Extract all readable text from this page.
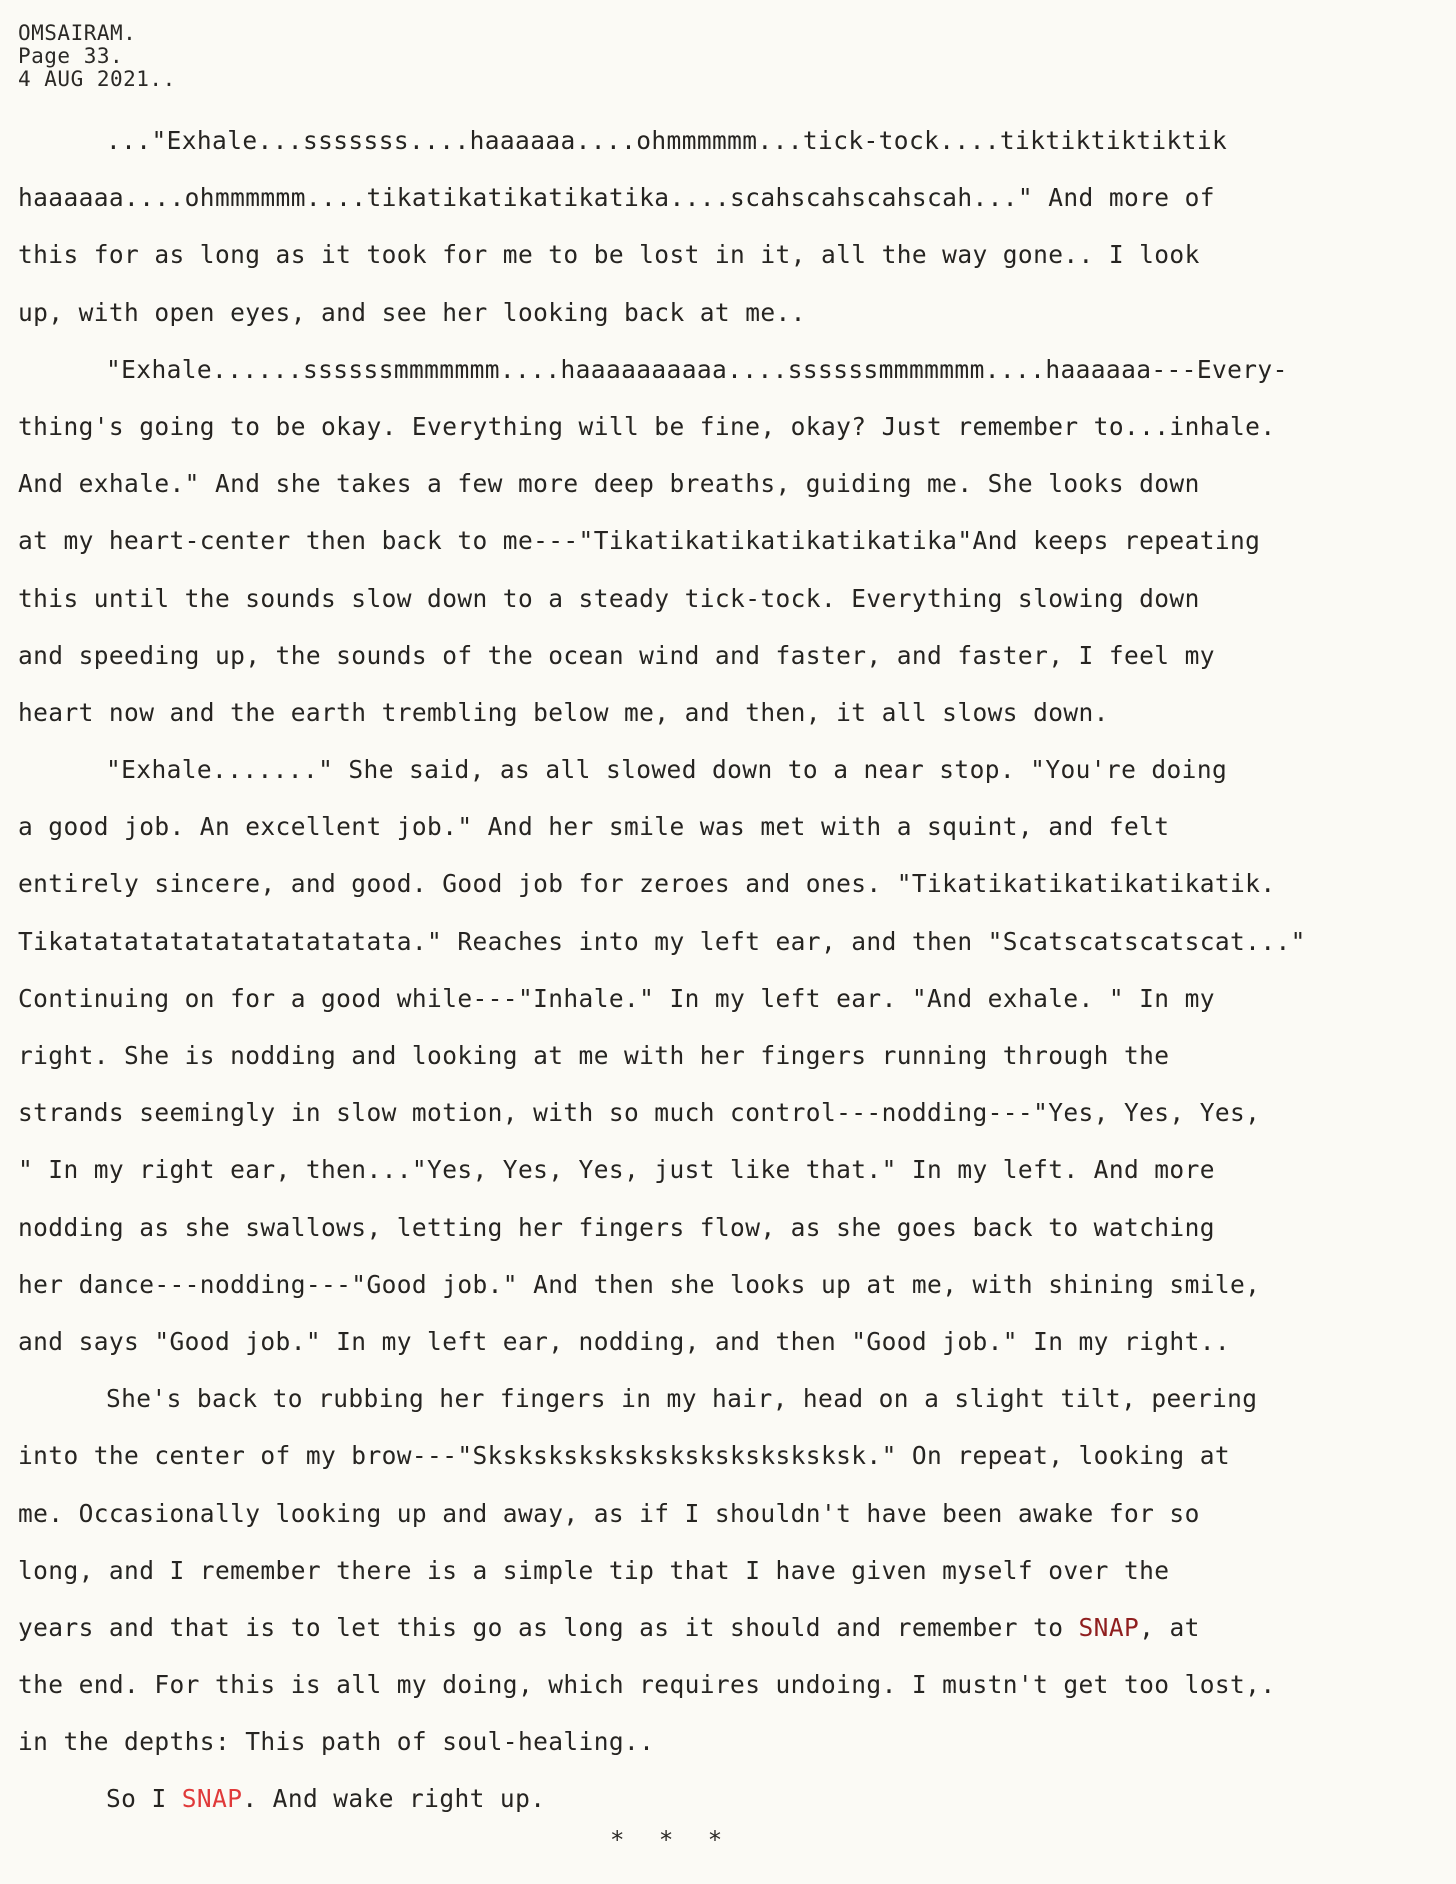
OMSAIRAM.
Page 33.
4 AUG 2021..
..."Exhale...sssssss....haaaaaa....ohmmmmmm...tick-tock....tiktiktiktiktik
haaaaaa....ohmmmmmm....tikatikatikatikatika....scahscahscahscah..." And more of
this for as long as it took for me to be lost in it, all the way gone.. I look
up, with open eyes, and see her looking back at me..
"Exhale......ssssssmmmmmmm....haaaaaaaaaa....ssssssmmmmmmm....haaaaaa---Every-
thing's going to be okay. Everything will be fine, okay? Just remember to...inhale.
And exhale." And she takes a few more deep breaths, guiding me. She looks down
at my heart-center then back to me---"Tikatikatikatikatikatika"And keeps repeating
this until the sounds slow down to a steady tick-tock. Everything slowing down
and speeding up, the sounds of the ocean wind and faster, and faster, I feel my
heart now and the earth trembling below me, and then, it all slows down.
"Exhale......." She said, as all slowed down to a near stop. "You're doing
a good job. An excellent job." And her smile was met with a squint, and felt
entirely sincere, and good. Good job for zeroes and ones. "Tikatikatikatikatikatik.
Tikatatatatatatatatatatata." Reaches into my left ear, and then "Scatscatscatscat..."
Continuing on for a good while---"Inhale." In my left ear. "And exhale. " In my
right. She is nodding and looking at me with her fingers running through the
strands seemingly in slow motion, with so much control---nodding---"Yes, Yes, Yes,
" In my right ear, then..."Yes, Yes, Yes, just like that." In my left. And more
nodding as she swallows, letting her fingers flow, as she goes back to watching
her dance---nodding---"Good job." And then she looks up at me, with shining smile,
and says "Good job." In my left ear, nodding, and then "Good job." In my right..
She's back to rubbing her fingers in my hair, head on a slight tilt, peering
into the center of my brow---"Sksksksksksksksksksksksksk." On repeat, looking at
me. Occasionally looking up and away, as if I shouldn't have been awake for so
long, and I remember there is a simple tip that I have given myself over the
years and that is to let this go as long as it should and remember to SNAP , at
the end. For this is all my doing, which requires undoing. I mustn't get too lost,.
in the depths: This path of soul-healing..
So I SNAP . And wake right up.
* * *
